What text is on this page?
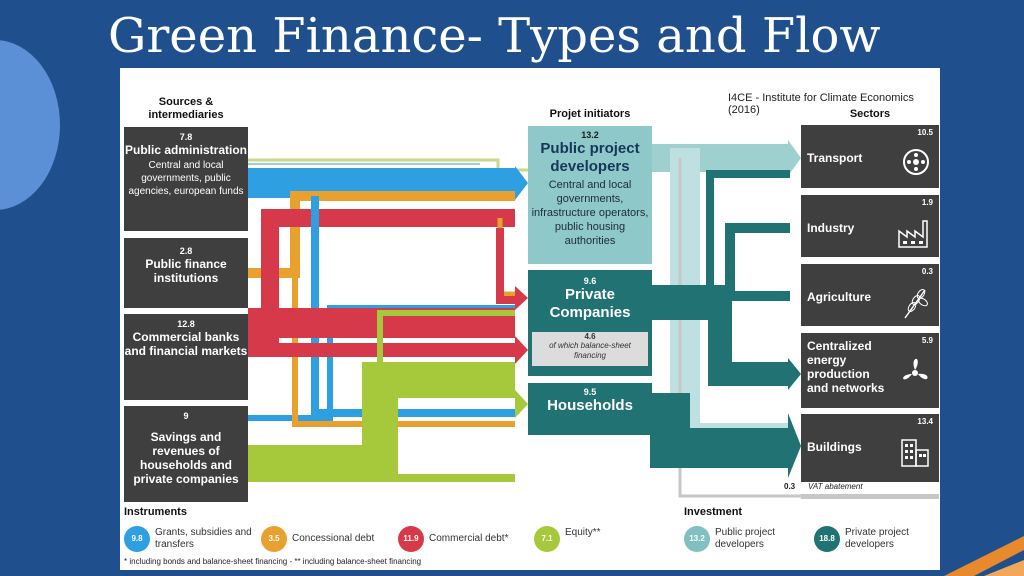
Green Finance- Types and Flow
Sources & intermediaries	Projet initiators	Sectors
I4CE - Institute for Climate Economics (2016)
7.8
Public administration
Central and local governments, public agencies, european funds
2.8
Public finance institutions
12.8
Commercial banks and financial markets
9
Savings and revenues of households and private companies
13.2
Public project developers
Central and local governments, infrastructure operators, public housing authorities
9.6
Private Companies
4.6
of which balance-sheet financing
9.5
Households
10.5
Transport
1.9
Industry
0.3
Agriculture
5.9
Centralized energy production and networks
13.4
Buildings
0.3 VAT abatement
Instruments
9.8
Grants, subsidies and transfers
3.5	Concessional debt	11.9	Commercial debt*	7.1
Equity**
Investment
13.2
Public project developers
18.8
Private project developers
* including bonds and balance-sheet financing - ** including balance-sheet financing
